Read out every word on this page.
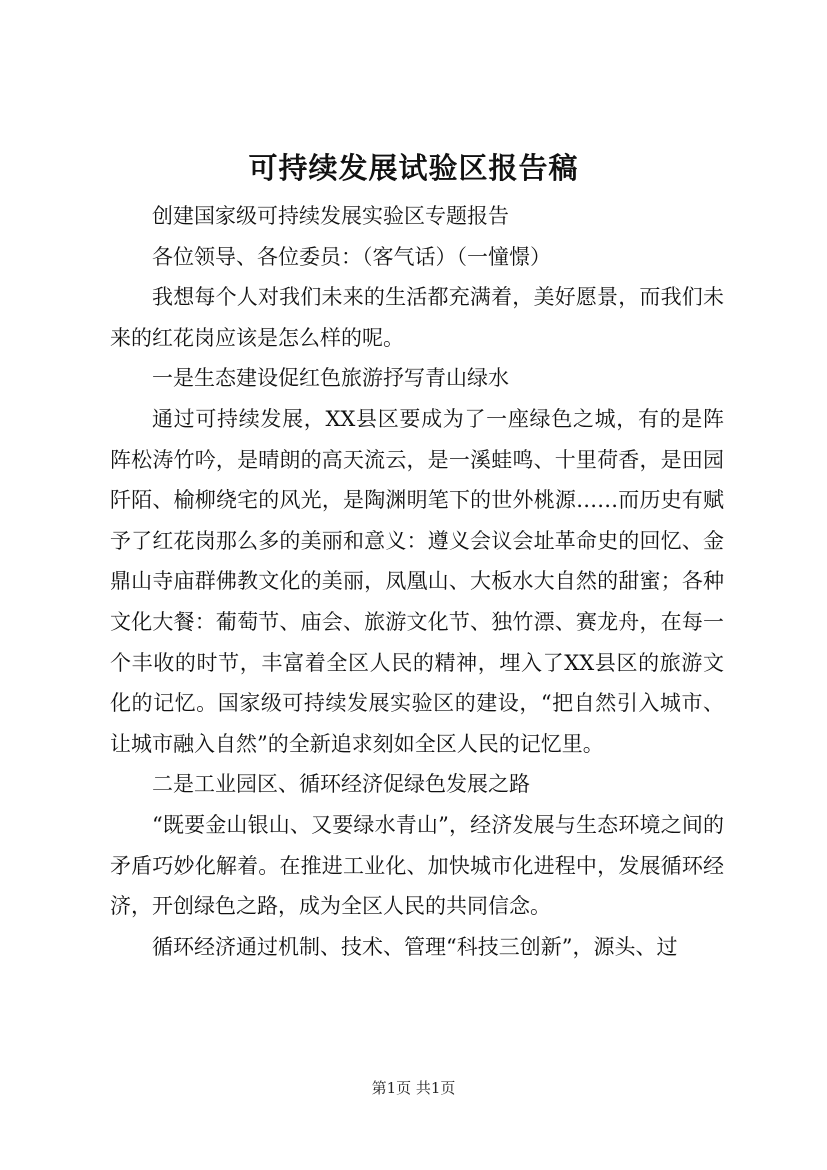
可持续发展试验区报告稿

创建国家级可持续发展实验区专题报告

各位领导、各位委员：（客气话）（一憧憬）

我想每个人对我们未来的生活都充满着，美好愿景，而我们未来的红花岗应该是怎么样的呢。

一是生态建设促红色旅游抒写青山绿水

通过可持续发展，XX县区要成为了一座绿色之城，有的是阵阵松涛竹吟，是晴朗的高天流云，是一溪蛙鸣、十里荷香，是田园阡陌、榆柳绕宅的风光，是陶渊明笔下的世外桃源……而历史有赋予了红花岗那么多的美丽和意义：遵义会议会址革命史的回忆、金鼎山寺庙群佛教文化的美丽，凤凰山、大板水大自然的甜蜜；各种文化大餐：葡萄节、庙会、旅游文化节、独竹漂、赛龙舟，在每一个丰收的时节，丰富着全区人民的精神，埋入了XX县区的旅游文化的记忆。国家级可持续发展实验区的建设，“把自然引入城市、让城市融入自然”的全新追求刻如全区人民的记忆里。

二是工业园区、循环经济促绿色发展之路

“既要金山银山、又要绿水青山”，经济发展与生态环境之间的矛盾巧妙化解着。在推进工业化、加快城市化进程中，发展循环经济，开创绿色之路，成为全区人民的共同信念。

循环经济通过机制、技术、管理“科技三创新”，源头、过

第1页 共1页
